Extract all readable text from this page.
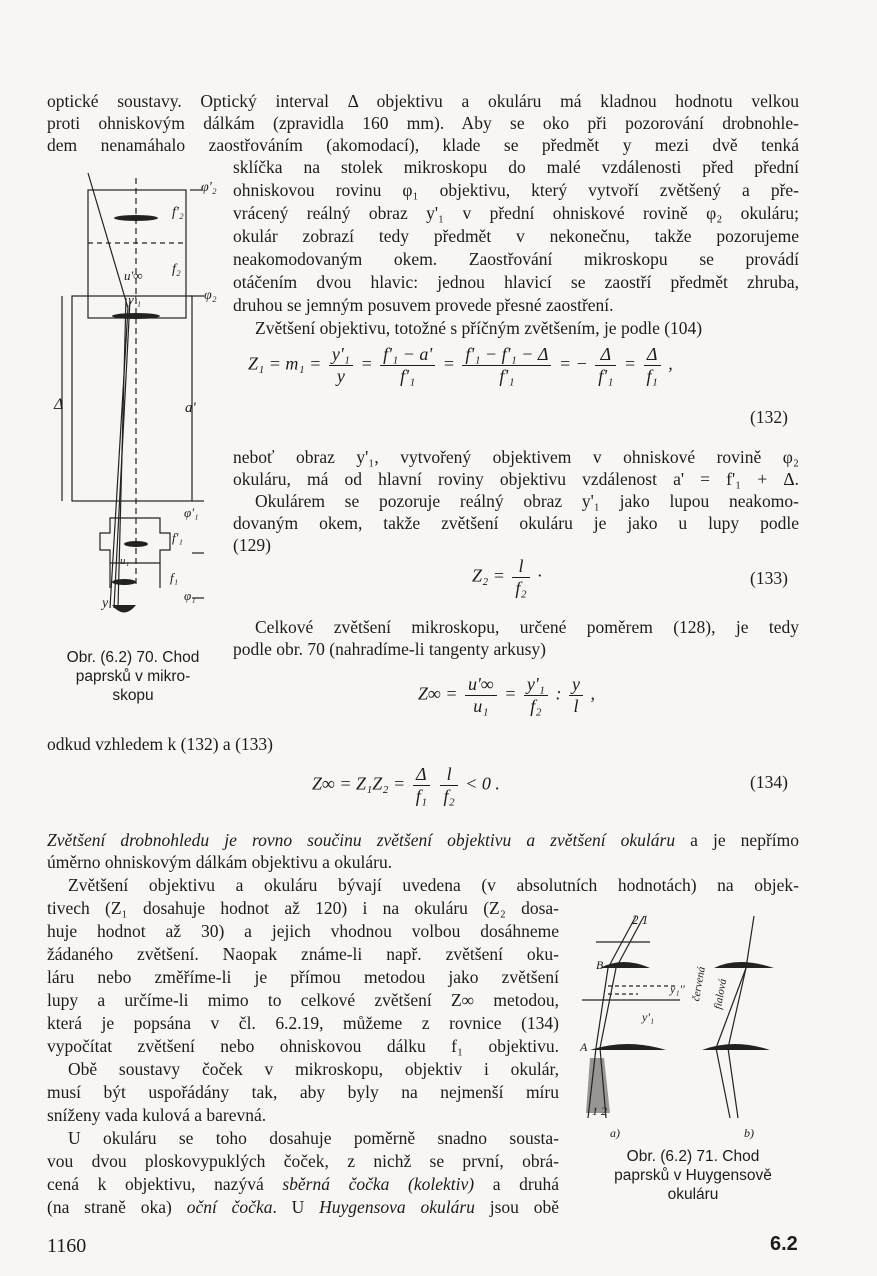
optické soustavy. Optický interval Δ objektivu a okuláru má kladnou hodnotu velkou

proti ohniskovým dálkám (zpravidla 160 mm). Aby se oko při pozorování drobnohle-

dem nenamáhalo zaostřováním (akomodací), klade se předmět y mezi dvě tenká

sklíčka na stolek mikroskopu do malé vzdálenosti před přední

ohniskovou rovinu φ₁ objektivu, který vytvoří zvětšený a pře-

vrácený reálný obraz y'₁ v přední ohniskové rovině φ₂ okuláru;

okulár zobrazí tedy předmět v nekonečnu, takže pozorujeme

neakomodovaným okem. Zaostřování mikroskopu se provádí

otáčením dvou hlavic: jednou hlavicí se zaostří předmět zhruba,

druhou se jemným posuvem provede přesné zaostření.

Zvětšení objektivu, totožné s příčným zvětšením, je podle (104)

φ'₂
f'₂
u'∞
y'₁
f₂
φ₂
Δ	a'
φ'₁
f'₁
f₁
y
φ₁
u₁
Obr. (6.2) 70. Chod
paprsků v mikro-
skopu
$Z_1 = m_1 = \frac{\text{y'₁}}{y} = \frac{\text{f'₁ − a'}}{\text{f'₁}} = \frac{\text{f'₁ − f'₁ − Δ}}{\text{f'₁}}$ = − $\frac{\Delta}{\text{f'₁}} = \frac{\Delta}{\text{f₁}}$ ,
(132)

neboť obraz y'₁, vytvořený objektivem v ohniskové rovině φ₂

okuláru, má od hlavní roviny objektivu vzdálenost a' = f'₁ + Δ.

Okulárem se pozoruje reálný obraz y'₁ jako lupou neakomo-

dovaným okem, takže zvětšení okuláru je jako u lupy podle

(129)

$Z_2 = \frac{l}{\text{f₂}}$ ·	(133)

Celkové zvětšení mikroskopu, určené poměrem (128), je tedy

podle obr. 70 (nahradíme-li tangenty arkusy)

$Z\infty = \frac{u'\infty}{\text{u₁}} = \frac{\text{y'₁}}{\text{f₂}}$ : $\frac{y}{l}$ ,

odkud vzhledem k (132) a (133)

$Z\infty = Z_1Z_2 = \frac{\Delta}{\text{f₁}}$
$\frac{l}{\text{f₂}} < 0$ .	(134)

Zvětšení drobnohledu je rovno součinu zvětšení objektivu a zvětšení okuláru a je nepřímo

úměrno ohniskovým dálkám objektivu a okuláru.

Zvětšení objektivu a okuláru bývají uvedena (v absolutních hodnotách) na objek-

tivech (Z₁ dosahuje hodnot až 120) i na okuláru (Z₂ dosa-

huje hodnot až 30) a jejich vhodnou volbou dosáhneme

žádaného zvětšení. Naopak známe-li např. zvětšení oku-

láru nebo změříme-li je přímou metodou jako zvětšení

lupy a určíme-li mimo to celkové zvětšení Z∞ metodou,

která je popsána v čl. 6.2.19, můžeme z rovnice (134)

vypočítat zvětšení nebo ohniskovou dálku f₁ objektivu.

Obě soustavy čoček v mikroskopu, objektiv i okulár,

musí být uspořádány tak, aby byly na nejmenší míru

sníženy vada kulová a barevná.

U okuláru se toho dosahuje poměrně snadno sousta-

vou dvou ploskovypuklých čoček, z nichž se první, obrá-

cená k objektivu, nazývá sběrná čočka (kolektiv) a druhá

(na straně oka) oční čočka. U Huygensova okuláru jsou obě

2 1
B
y₁''
y'₁
A
1 2
a)	b)
červená fialová
Obr. (6.2) 71. Chod
paprsků v Huygensově
okuláru
1160	6.2
